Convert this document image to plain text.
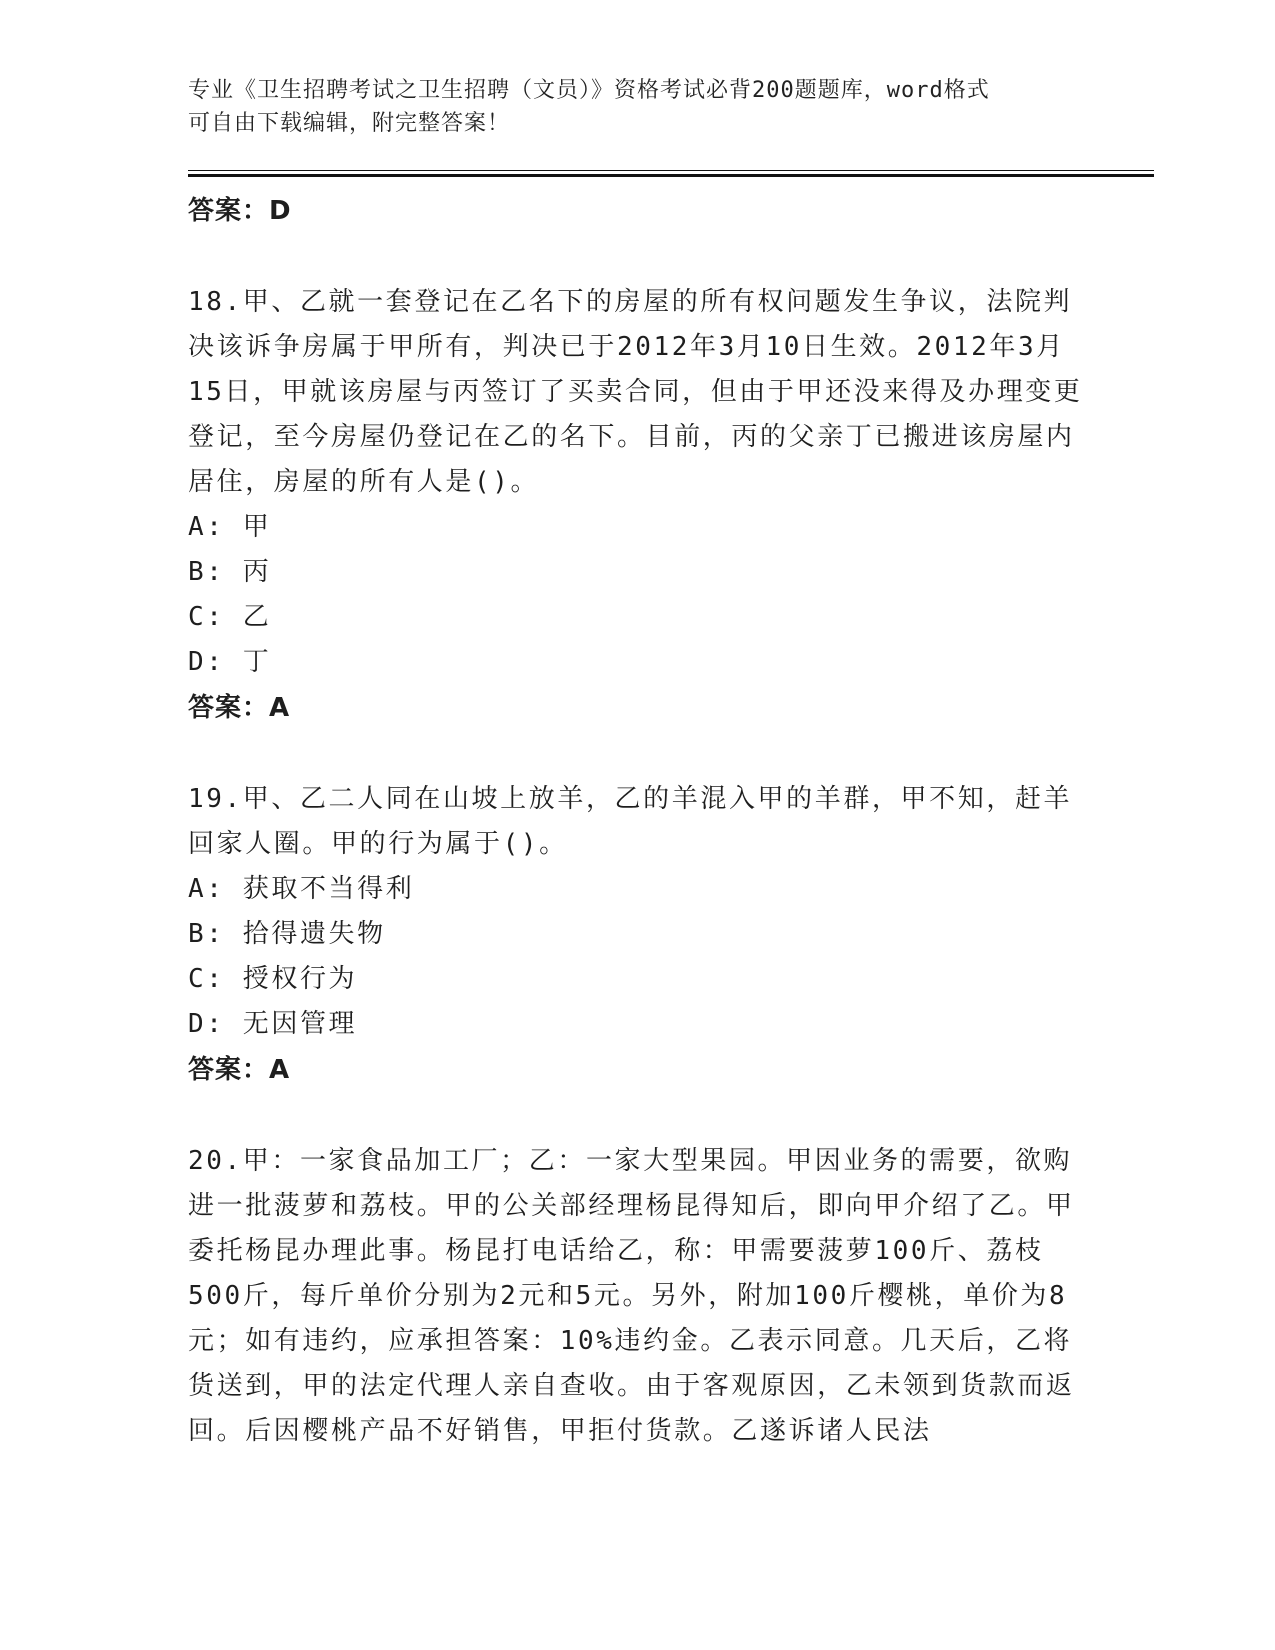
专业《卫生招聘考试之卫生招聘（文员）》资格考试必背200题题库，word格式
可自由下载编辑，附完整答案！

答案：D

18.甲、乙就一套登记在乙名下的房屋的所有权问题发生争议，法院判决该诉争房属于甲所有，判决已于2012年3月10日生效。2012年3月15日，甲就该房屋与丙签订了买卖合同，但由于甲还没来得及办理变更登记，至今房屋仍登记在乙的名下。目前，丙的父亲丁已搬进该房屋内居住，房屋的所有人是()。

A: 甲

B: 丙

C: 乙

D: 丁

答案：A

19.甲、乙二人同在山坡上放羊，乙的羊混入甲的羊群，甲不知，赶羊回家人圈。甲的行为属于()。

A: 获取不当得利

B: 拾得遗失物

C: 授权行为

D: 无因管理

答案：A

20.甲：一家食品加工厂；乙：一家大型果园。甲因业务的需要，欲购进一批菠萝和荔枝。甲的公关部经理杨昆得知后，即向甲介绍了乙。甲委托杨昆办理此事。杨昆打电话给乙，称：甲需要菠萝100斤、荔枝500斤，每斤单价分别为2元和5元。另外，附加100斤樱桃，单价为8元；如有违约，应承担答案：10%违约金。乙表示同意。几天后，乙将货送到，甲的法定代理人亲自查收。由于客观原因，乙未领到货款而返回。后因樱桃产品不好销售，甲拒付货款。乙遂诉诸人民法
